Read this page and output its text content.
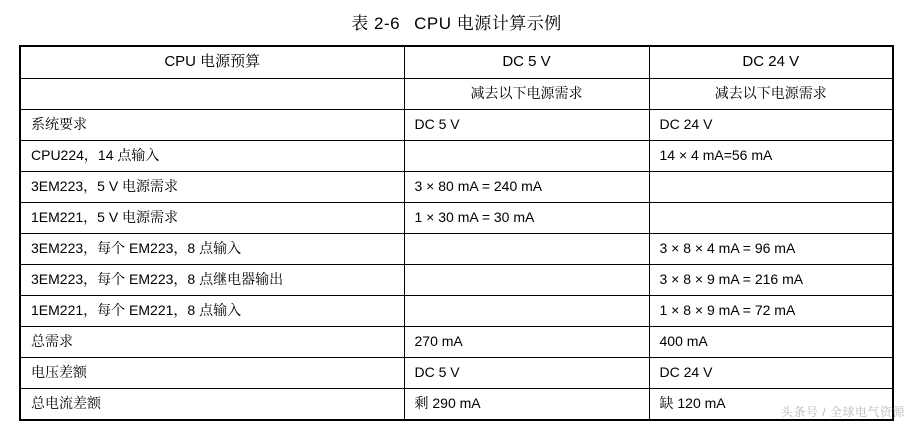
表 2-6 CPU 电源计算示例
CPU 电源预算	DC 5 V	DC 24 V
	减去以下电源需求	减去以下电源需求
系统要求	DC 5 V	DC 24 V
CPU224，14 点输入		14 × 4 mA=56 mA
3EM223，5 V 电源需求	3 × 80 mA = 240 mA	
1EM221，5 V 电源需求	1 × 30 mA = 30 mA	
3EM223，每个 EM223，8 点输入		3 × 8 × 4 mA = 96 mA
3EM223，每个 EM223，8 点继电器输出		3 × 8 × 9 mA = 216 mA
1EM221，每个 EM221，8 点输入		1 × 8 × 9 mA = 72 mA
总需求	270 mA	400 mA
电压差额	DC 5 V	DC 24 V
总电流差额	剩 290 mA	缺 120 mA
头条号 / 全球电气资源
